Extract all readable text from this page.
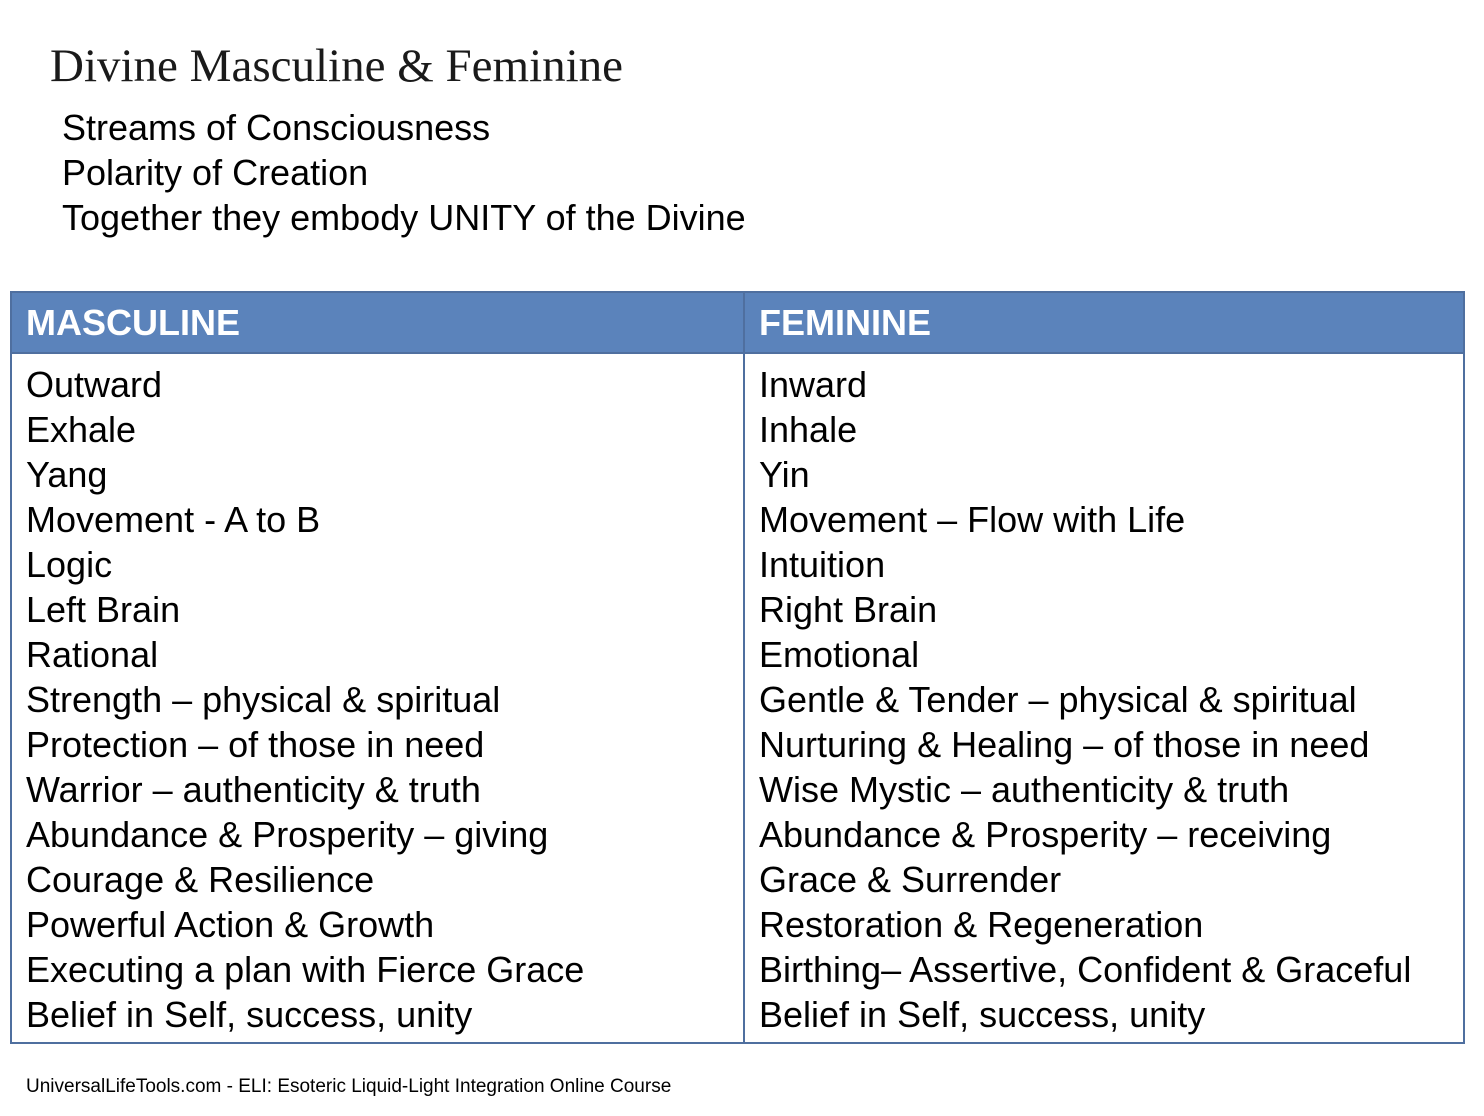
Divine Masculine & Feminine
Streams of Consciousness
Polarity of Creation
Together they embody UNITY of the Divine
MASCULINE	FEMININE
Outward
Exhale
Yang
Movement - A to B
Logic
Left Brain
Rational
Strength – physical & spiritual
Protection – of those in need
Warrior – authenticity & truth
Abundance & Prosperity – giving
Courage & Resilience
Powerful Action & Growth
Executing a plan with Fierce Grace
Belief in Self, success, unity
Inward
Inhale
Yin
Movement – Flow with Life
Intuition
Right Brain
Emotional
Gentle & Tender – physical & spiritual
Nurturing & Healing – of those in need
Wise Mystic – authenticity & truth
Abundance & Prosperity – receiving
Grace & Surrender
Restoration & Regeneration
Birthing– Assertive, Confident & Graceful
Belief in Self, success, unity
UniversalLifeTools.com - ELI: Esoteric Liquid-Light Integration Online Course
